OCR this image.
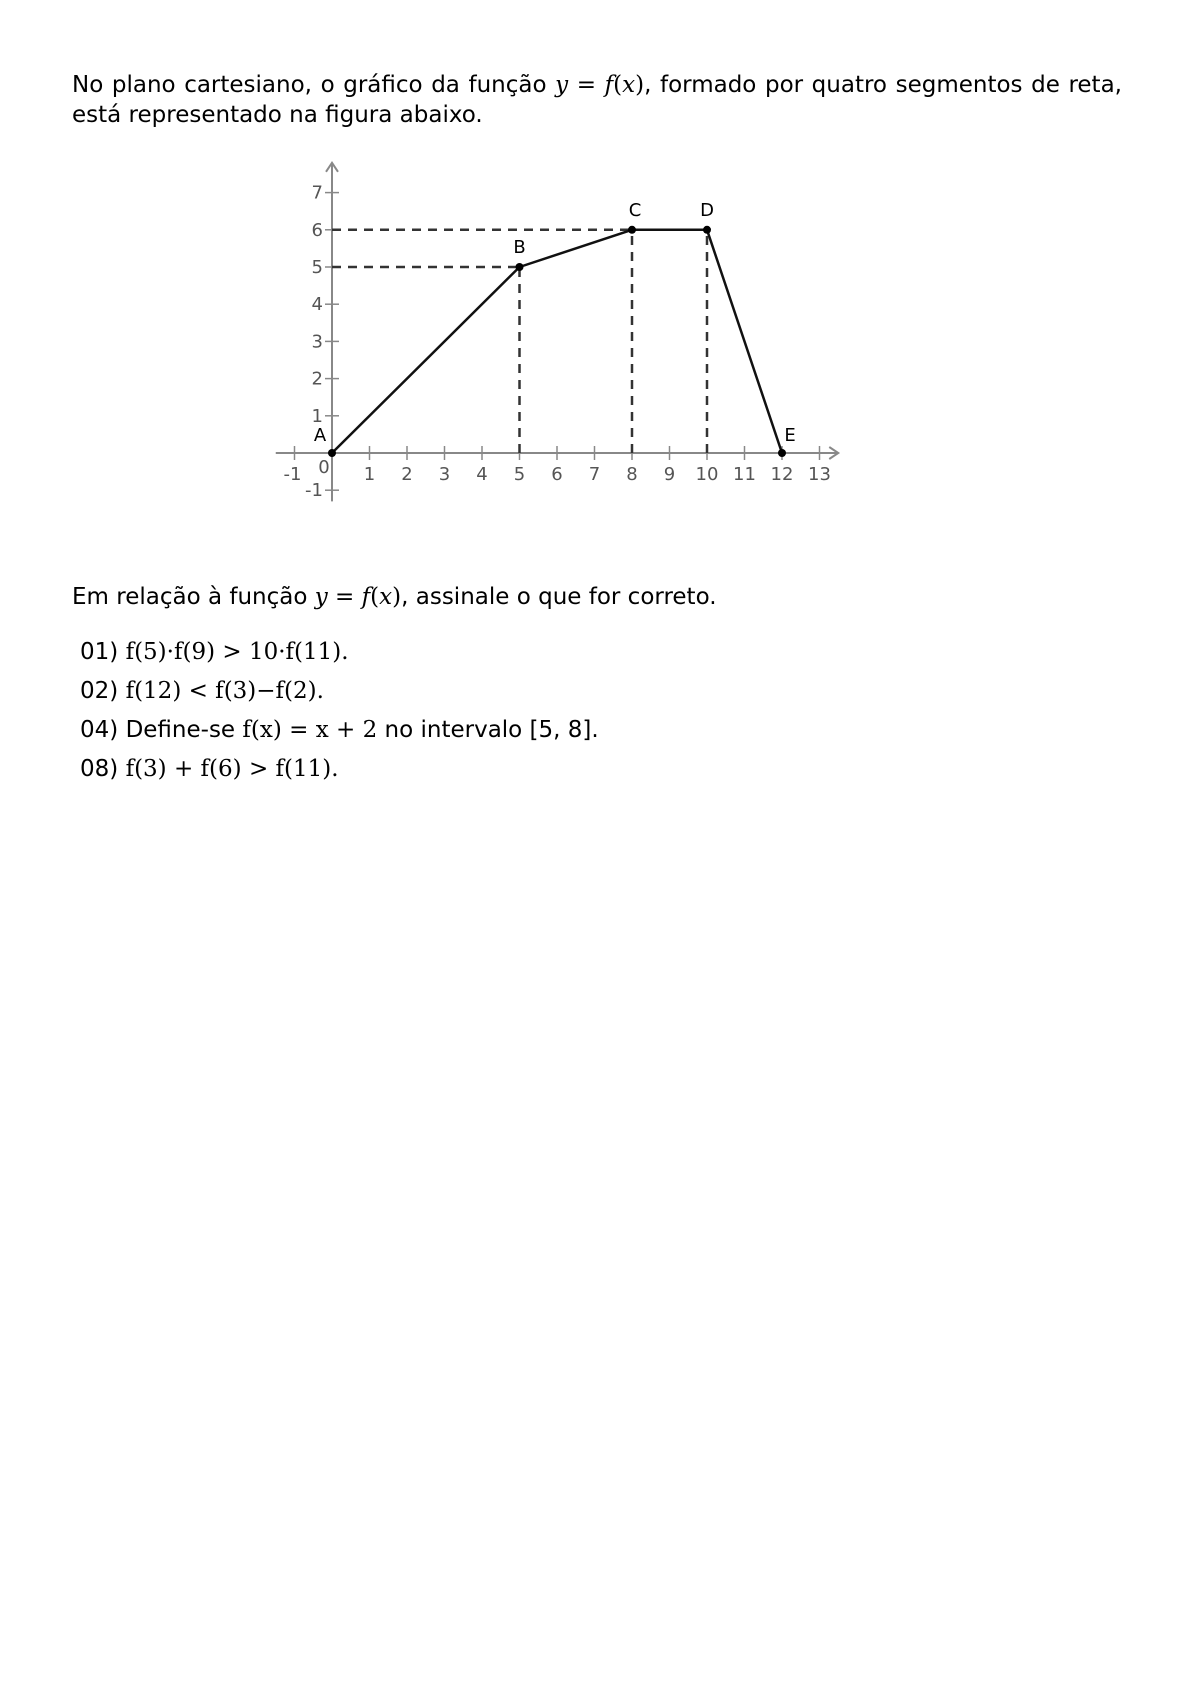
No plano cartesiano, o gráfico da função y = f(x), formado por quatro segmentos de reta, está representado na figura abaixo.

-1 0 1 2 3 4 5 6 7 8 9 10 11 12 13
-1
1
2
3
4
5
6
7
A
B
C	D
E

Em relação à função y = f(x), assinale o que for correto.

01) f(5)·f(9) > 10·f(11).
02) f(12) < f(3)−f(2).
04) Define-se f(x) = x + 2 no intervalo [5, 8].
08) f(3) + f(6) > f(11).
